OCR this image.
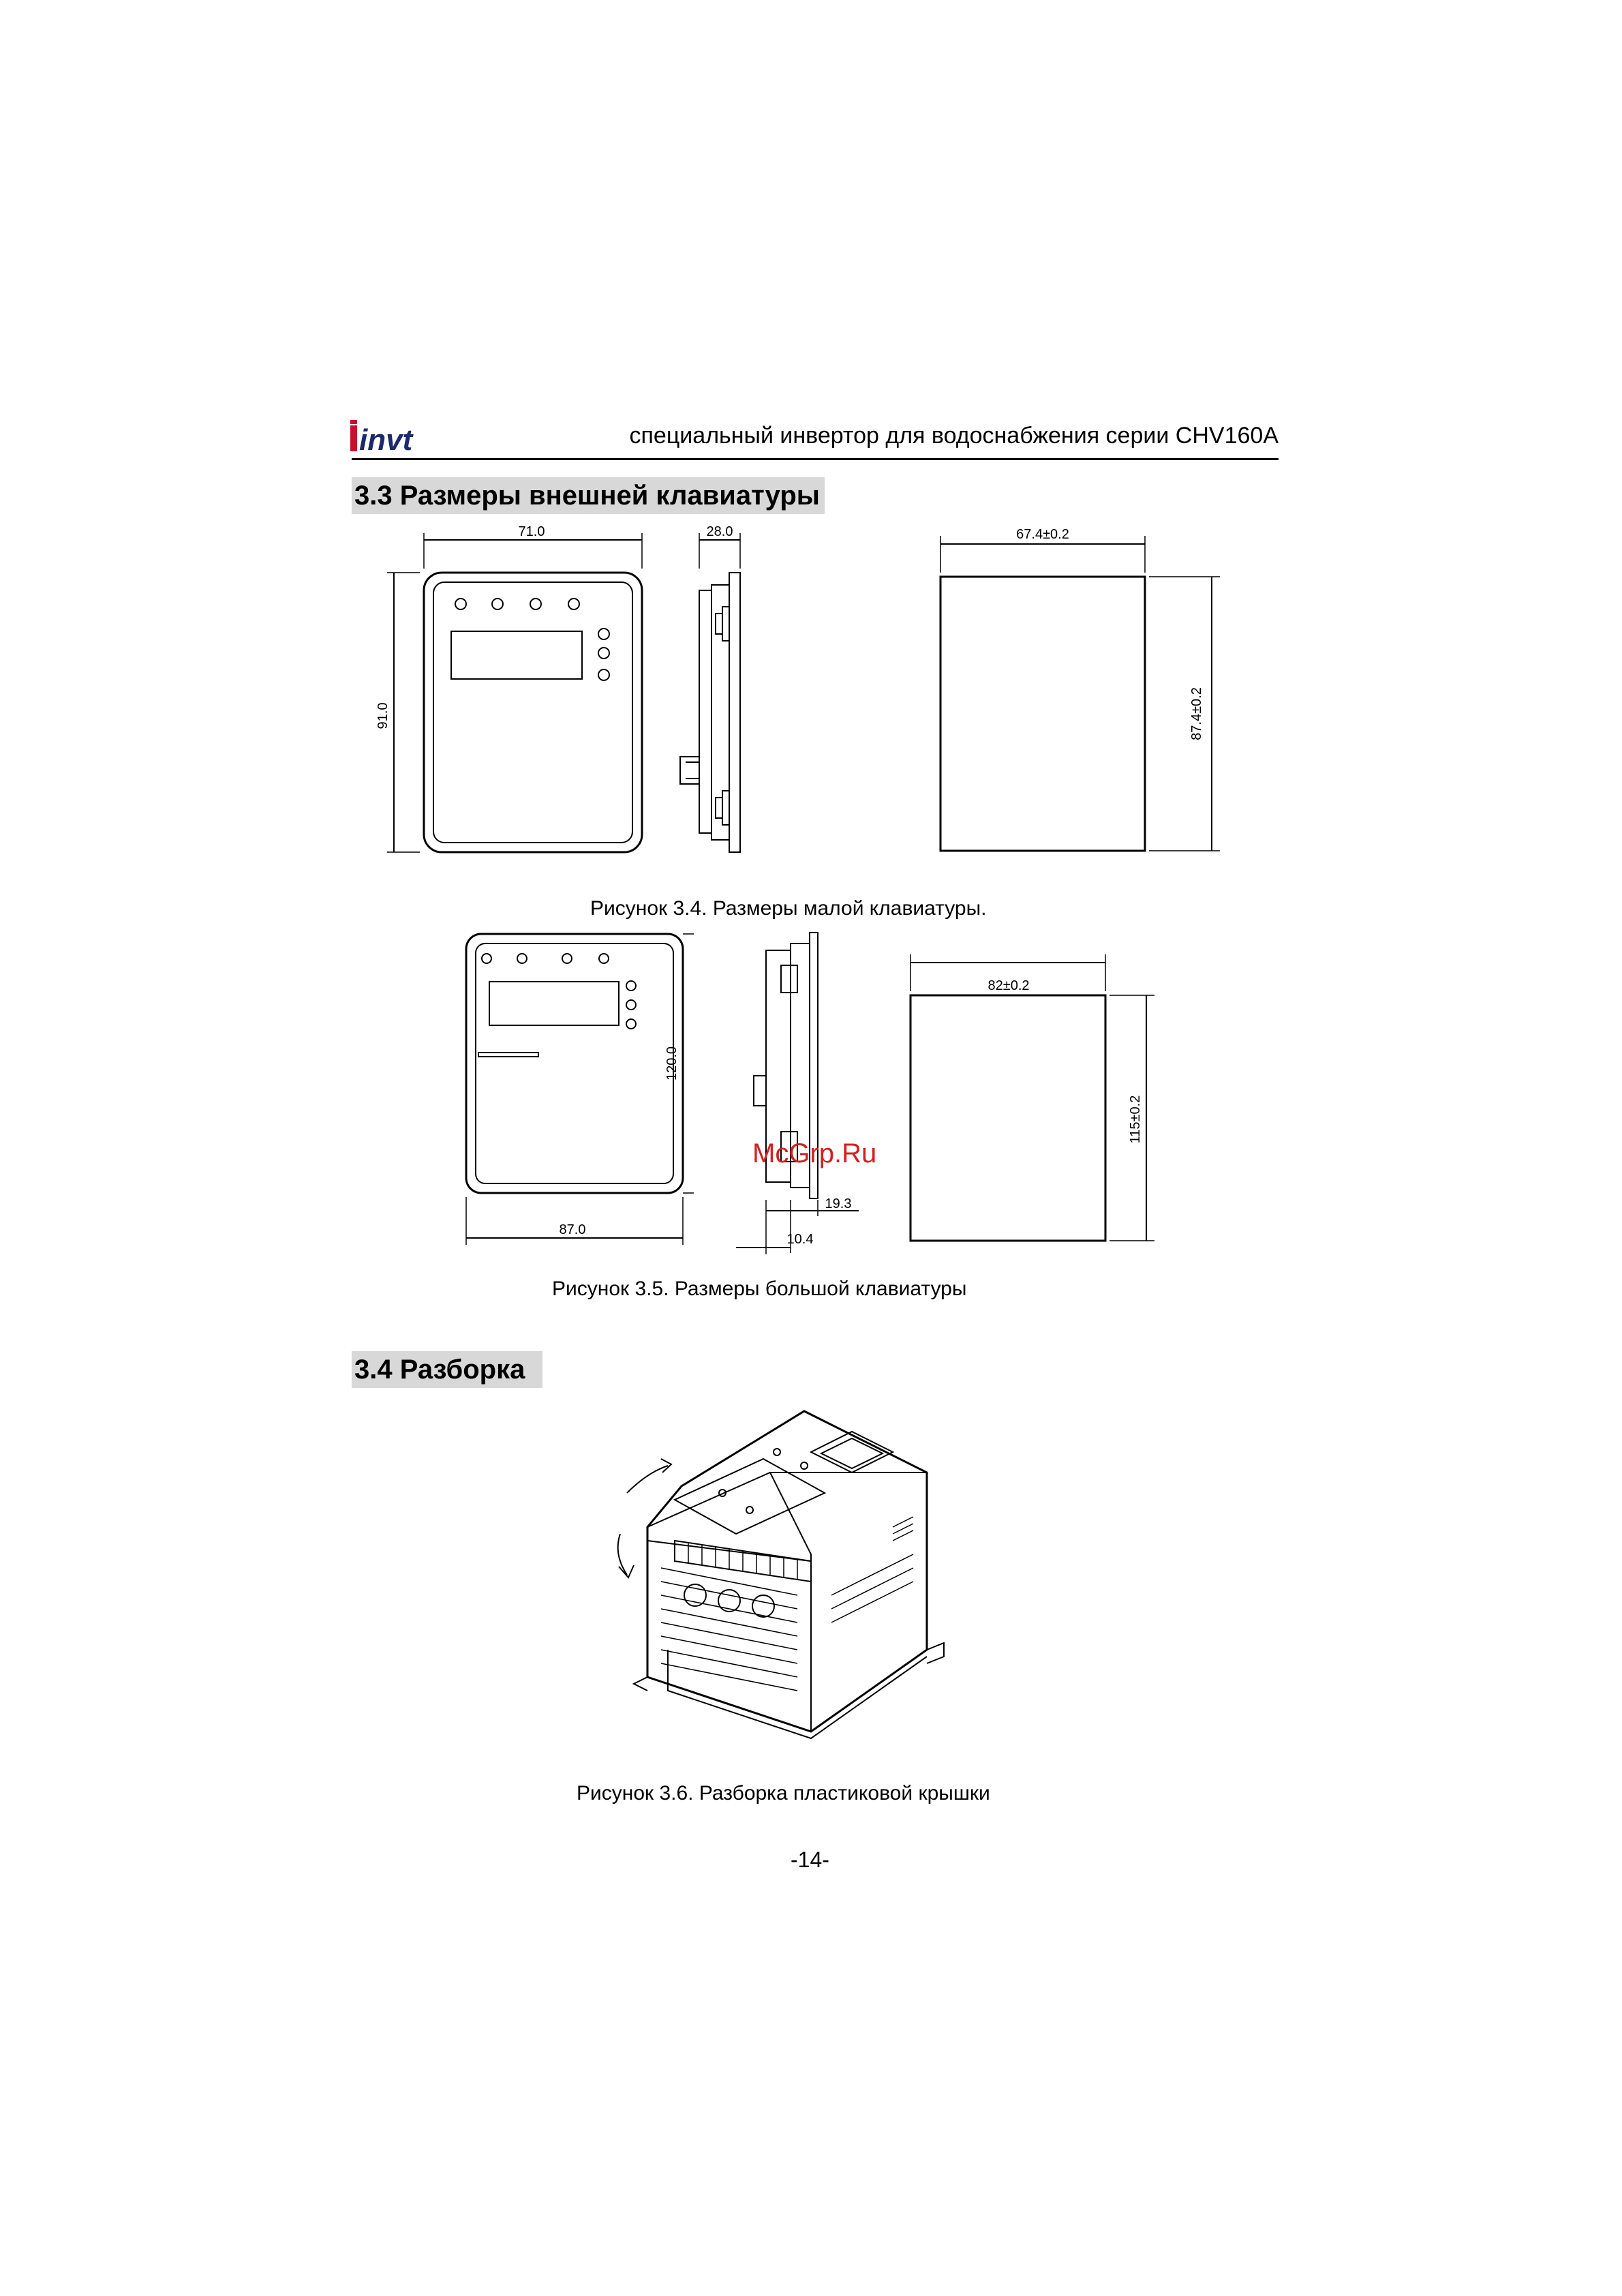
invt	специальный инвертор для водоснабжения серии CHV160A
3.3 Размеры внешней клавиатуры
71.0
91.0
28.0	67.4±0.2
87.4±0.2
Рисунок 3.4. Размеры малой клавиатуры.
87.0
120.0
19.3
10.4
82±0.2
115±0.2
McGrp.Ru
Рисунок 3.5. Размеры большой клавиатуры
3.4 Разборка
Рисунок 3.6. Разборка пластиковой крышки
-14-
